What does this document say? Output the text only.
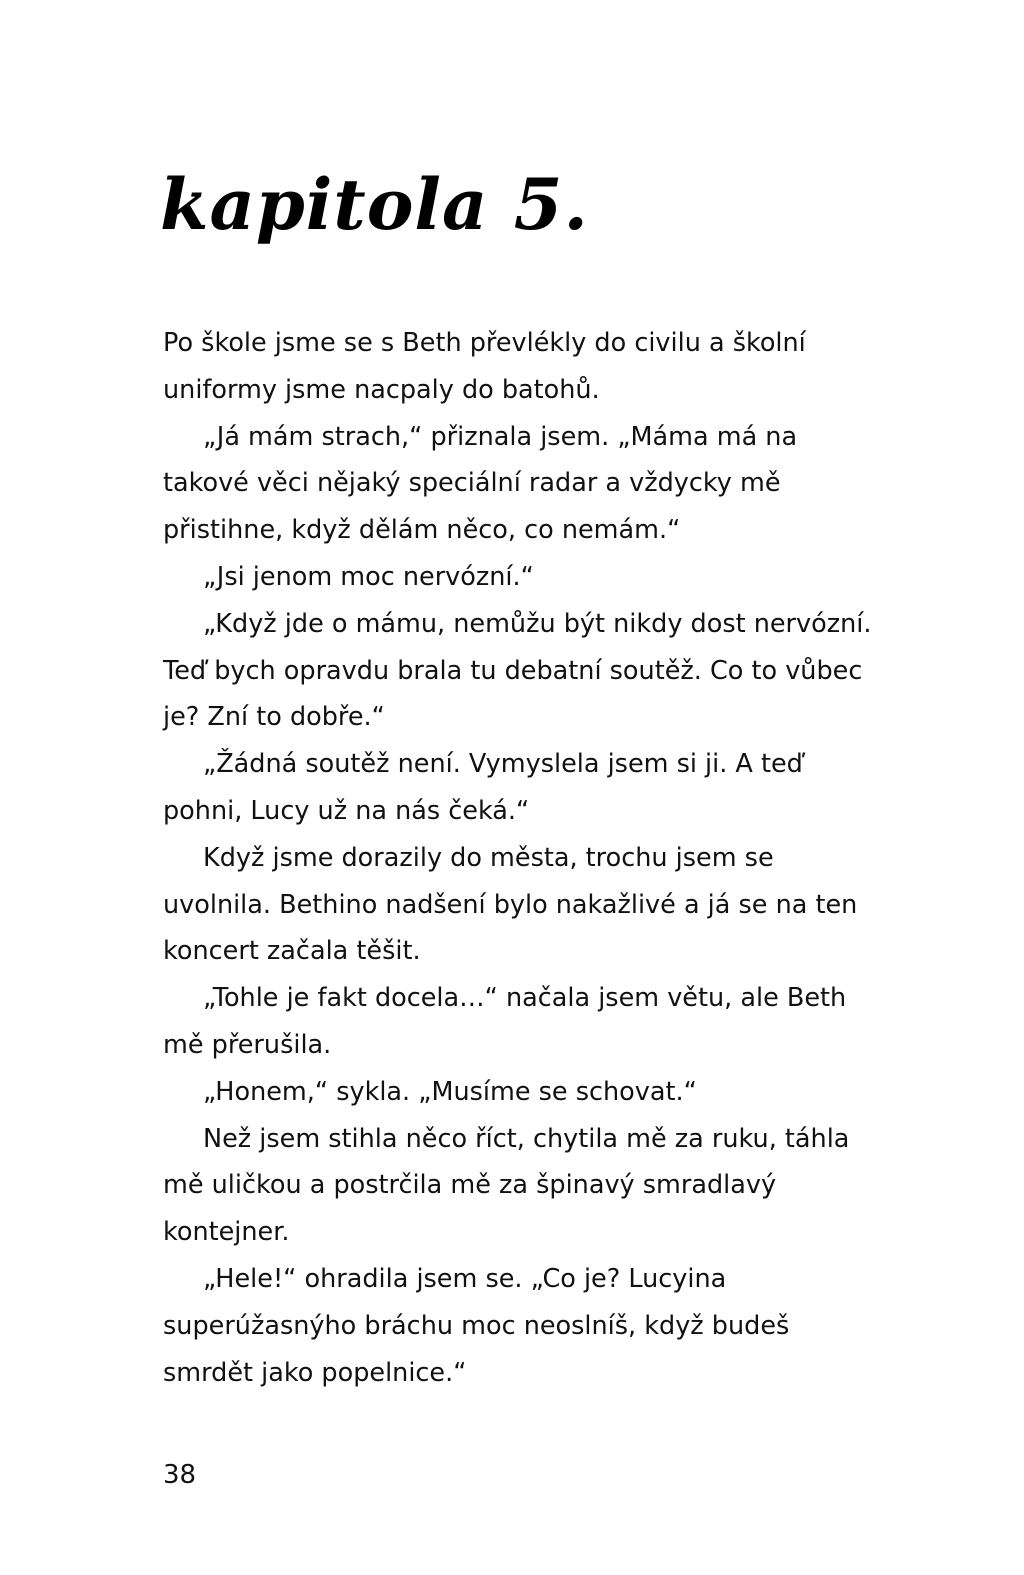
kapitola 5.

Po škole jsme se s Beth převlékly do civilu a školní

uniformy jsme nacpaly do batohů.

„Já mám strach,“ přiznala jsem. „Máma má na

takové věci nějaký speciální radar a vždycky mě

přistihne, když dělám něco, co nemám.“

„Jsi jenom moc nervózní.“

„Když jde o mámu, nemůžu být nikdy dost nervózní.

Teď bych opravdu brala tu debatní soutěž. Co to vůbec

je? Zní to dobře.“

„Žádná soutěž není. Vymyslela jsem si ji. A teď

pohni, Lucy už na nás čeká.“

Když jsme dorazily do města, trochu jsem se

uvolnila. Bethino nadšení bylo nakažlivé a já se na ten

koncert začala těšit.

„Tohle je fakt docela…“ načala jsem větu, ale Beth

mě přerušila.

„Honem,“ sykla. „Musíme se schovat.“

Než jsem stihla něco říct, chytila mě za ruku, táhla

mě uličkou a postrčila mě za špinavý smradlavý

kontejner.

„Hele!“ ohradila jsem se. „Co je? Lucyina

superúžasnýho bráchu moc neoslníš, když budeš

smrdět jako popelnice.“

38
